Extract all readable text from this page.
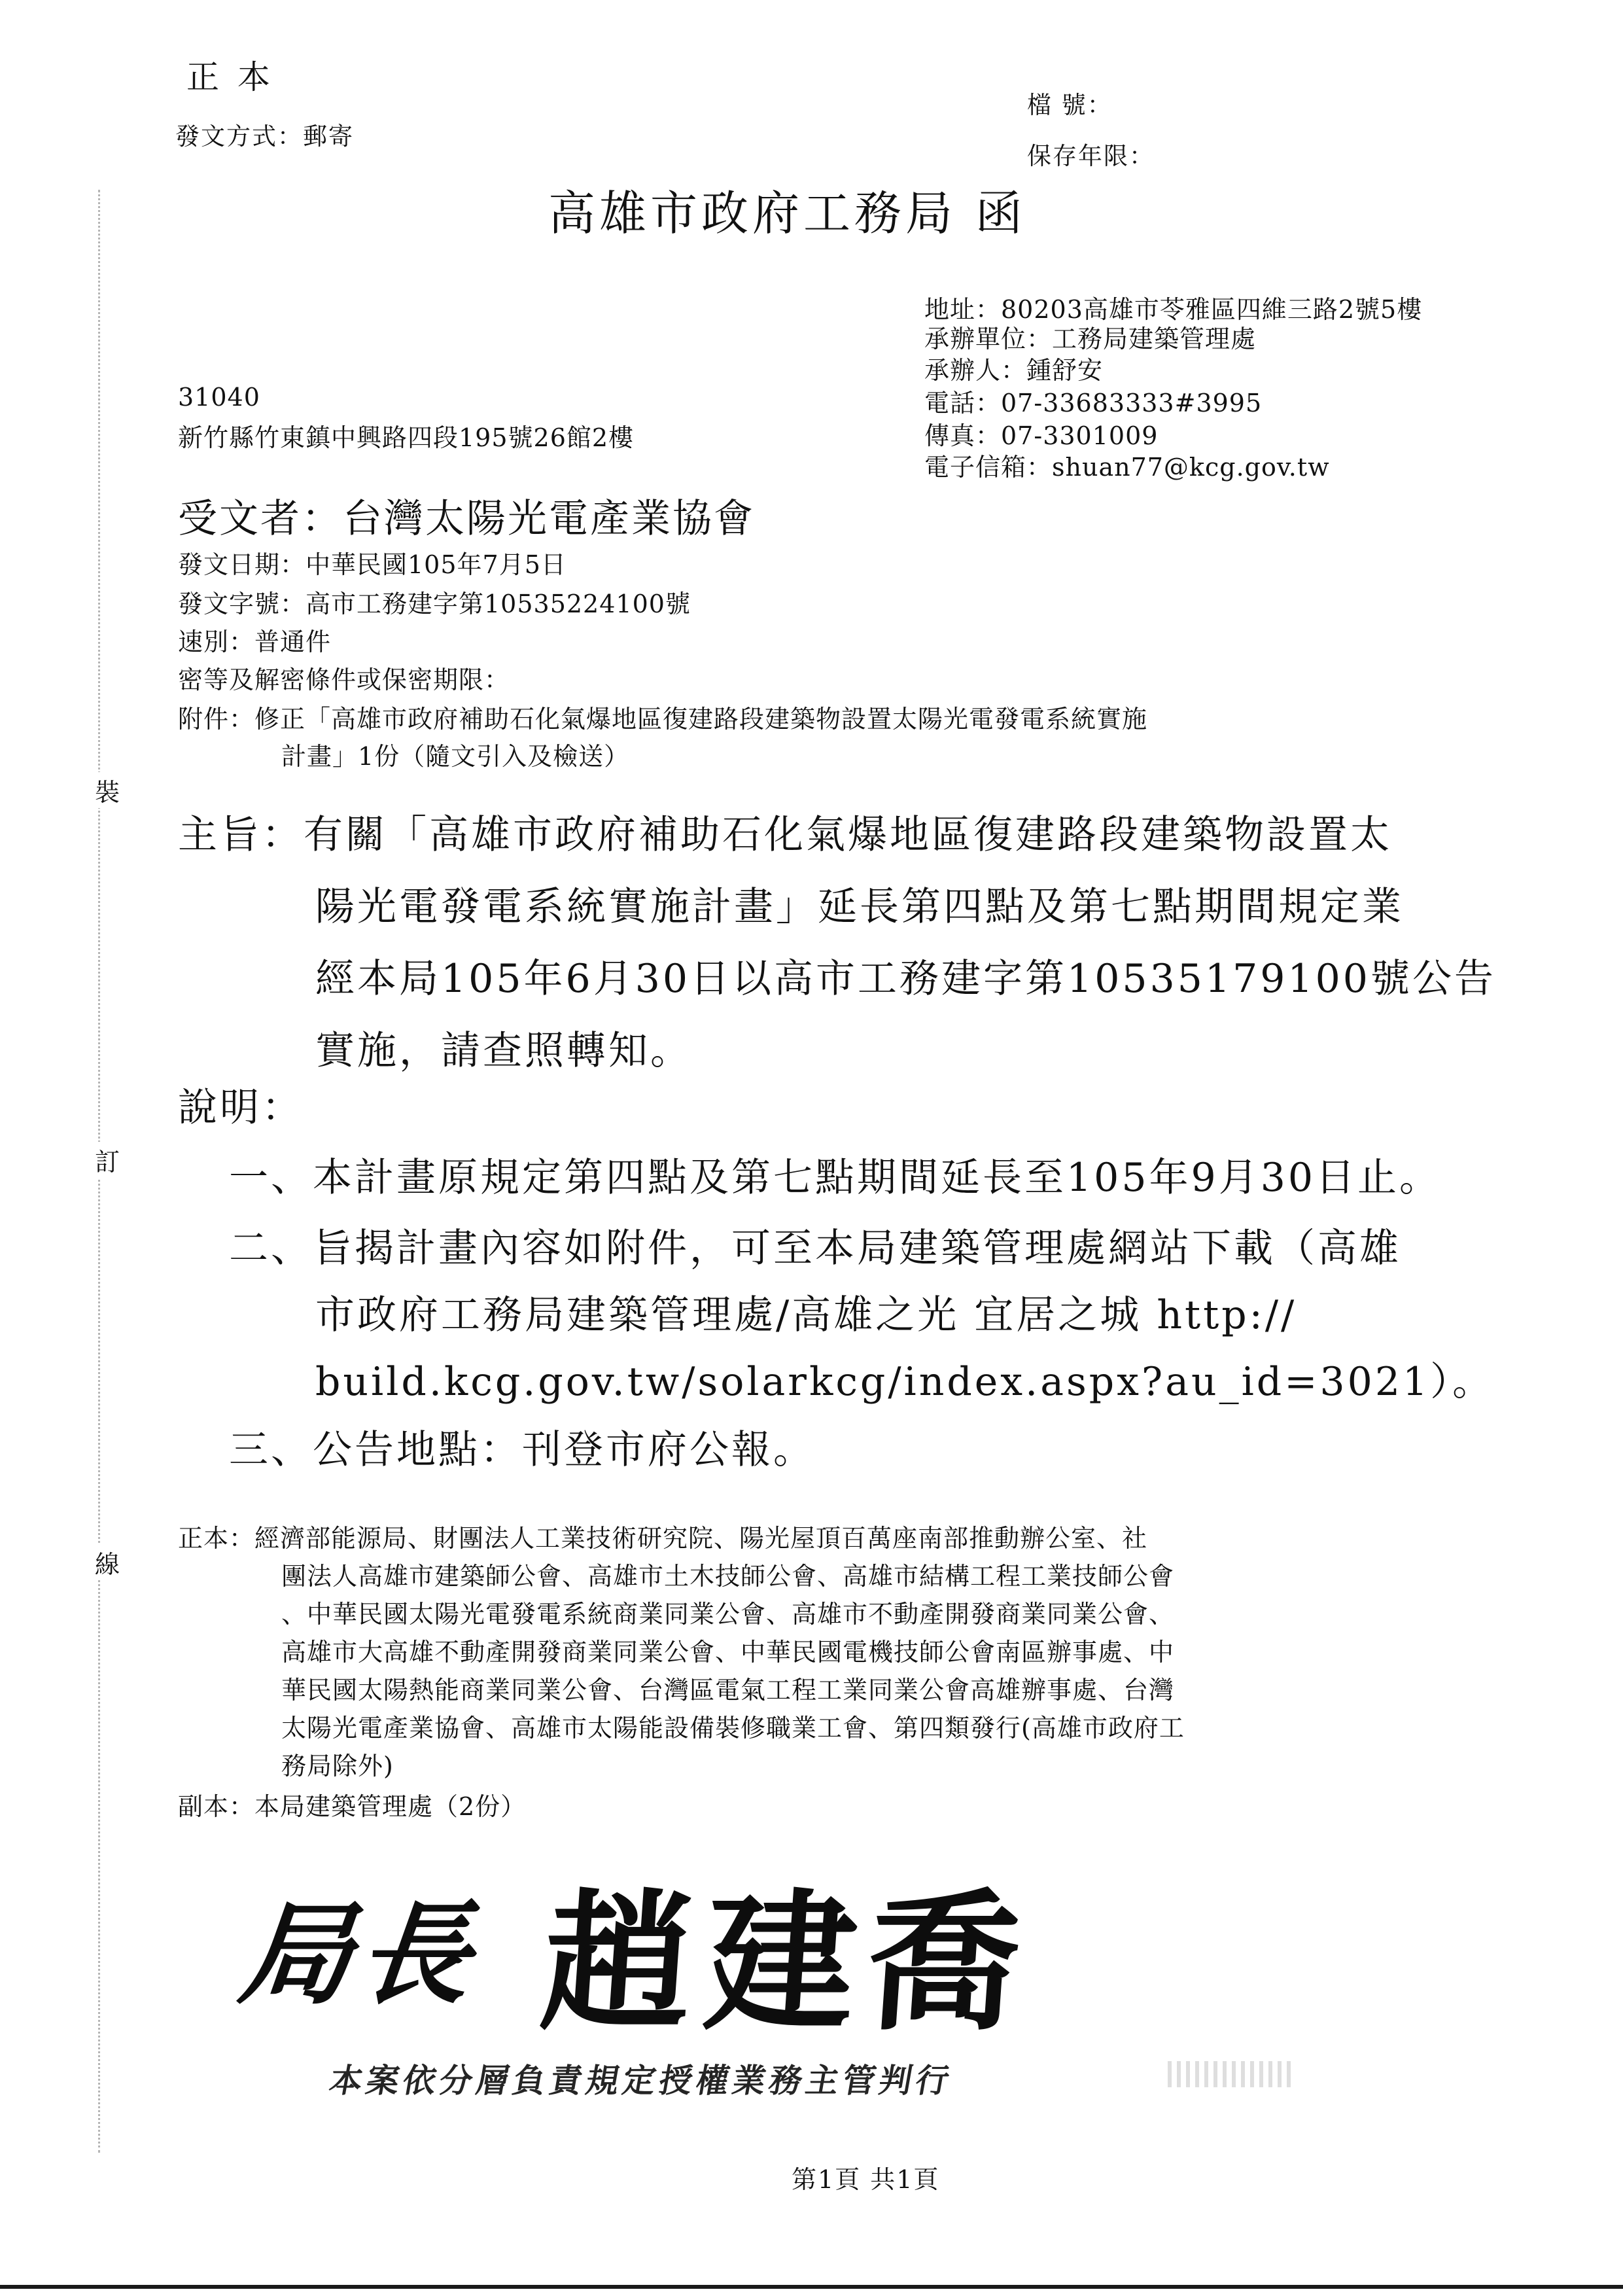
裝
訂
線
正 本
發文方式：郵寄
檔 號：
保存年限：
高雄市政府工務局 函
地址：80203高雄市苓雅區四維三路2號5樓
承辦單位：工務局建築管理處
承辦人：鍾舒安
電話：07-33683333#3995
傳真：07-3301009
電子信箱：shuan77@kcg.gov.tw
31040
新竹縣竹東鎮中興路四段195號26館2樓
受文者：台灣太陽光電產業協會
發文日期：中華民國105年7月5日
發文字號：高市工務建字第10535224100號
速別：普通件
密等及解密條件或保密期限：
附件：修正「高雄市政府補助石化氣爆地區復建路段建築物設置太陽光電發電系統實施
計畫」1份（隨文引入及檢送）
主旨：有關「高雄市政府補助石化氣爆地區復建路段建築物設置太
陽光電發電系統實施計畫」延長第四點及第七點期間規定業
經本局105年6月30日以高市工務建字第10535179100號公告
實施，請查照轉知。
說明：
一、本計畫原規定第四點及第七點期間延長至105年9月30日止。
二、旨揭計畫內容如附件，可至本局建築管理處網站下載（高雄
市政府工務局建築管理處/高雄之光 宜居之城 http://
build.kcg.gov.tw/solarkcg/index.aspx?au_id=3021）。
三、公告地點：刊登市府公報。
正本：經濟部能源局、財團法人工業技術研究院、陽光屋頂百萬座南部推動辦公室、社
團法人高雄市建築師公會、高雄市土木技師公會、高雄市結構工程工業技師公會
、中華民國太陽光電發電系統商業同業公會、高雄市不動產開發商業同業公會、
高雄市大高雄不動產開發商業同業公會、中華民國電機技師公會南區辦事處、中
華民國太陽熱能商業同業公會、台灣區電氣工程工業同業公會高雄辦事處、台灣
太陽光電產業協會、高雄市太陽能設備裝修職業工會、第四類發行(高雄市政府工
務局除外)
副本：本局建築管理處（2份）
局長 趙建喬
本案依分層負責規定授權業務主管判行
第1頁 共1頁
